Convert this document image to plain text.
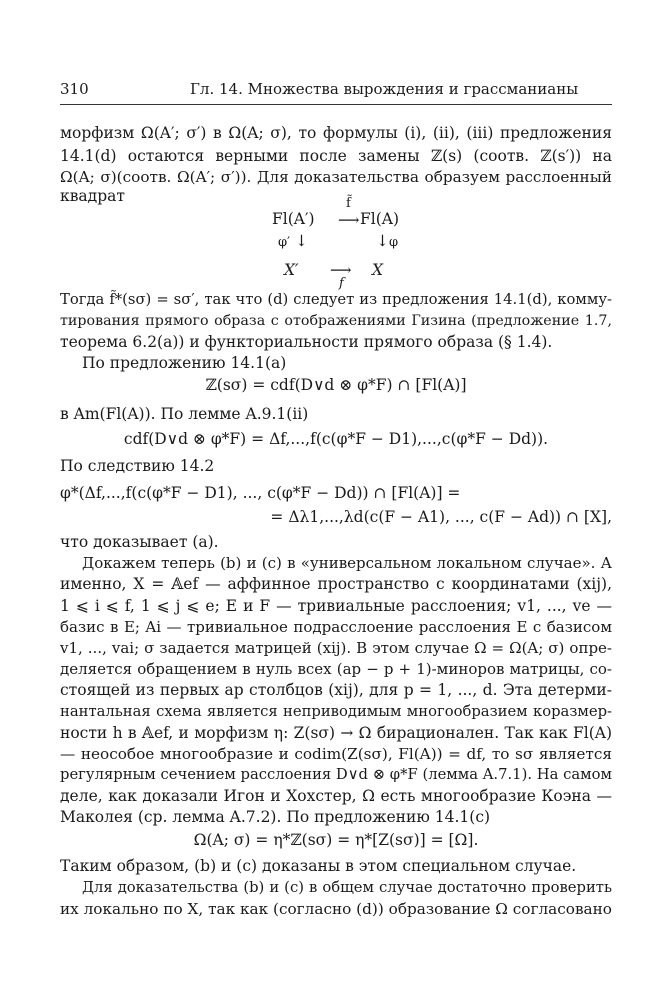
310	Гл. 14. Множества вырождения и грассманианы
морфизм Ω(A′; σ′) в Ω(A; σ), то формулы (i), (ii), (iii) предложения
14.1(d) остаются верными после замены ℤ(s) (соотв. ℤ(s′)) на
Ω(A; σ)(соотв. Ω(A′; σ′)). Для доказательства образуем расслоенный
квадрат
Fl(A′) ⟶
f̃
Fl(A)
φ′ ↓	↓ φ
X′ ⟶
f
X
Тогда f̃*(sσ) = sσ′, так что (d) следует из предложения 14.1(d), комму-
тирования прямого образа с отображениями Гизина (предложение 1.7,
теорема 6.2(a)) и функториальности прямого образа (§ 1.4).
По предложению 14.1(a)
ℤ(sσ) = cdf(D∨d ⊗ φ*F) ∩ [Fl(A)]
в Am(Fl(A)). По лемме A.9.1(ii)
cdf(D∨d ⊗ φ*F) = Δf,...,f(c(φ*F − D1),...,c(φ*F − Dd)).
По следствию 14.2
φ*(Δf,...,f(c(φ*F − D1), ..., c(φ*F − Dd)) ∩ [Fl(A)] =
= Δλ1,...,λd(c(F − A1), ..., c(F − Ad)) ∩ [X],
что доказывает (a).
Докажем теперь (b) и (c) в «универсальном локальном случае». А
именно, X = 𝔸ef — аффинное пространство с координатами (xij),
1 ⩽ i ⩽ f, 1 ⩽ j ⩽ e; E и F — тривиальные расслоения; v1, ..., ve —
базис в E; Ai — тривиальное подрасслоение расслоения E с базисом
v1, ..., vai; σ задается матрицей (xij). В этом случае Ω = Ω(A; σ) опре-
деляется обращением в нуль всех (ap − p + 1)-миноров матрицы, со-
стоящей из первых ap столбцов (xij), для p = 1, ..., d. Эта детерми-
нантальная схема является неприводимым многообразием коразмер-
ности h в 𝔸ef, и морфизм η: Z(sσ) → Ω бирационален. Так как Fl(A)
— неособое многообразие и codim(Z(sσ), Fl(A)) = df, то sσ является
регулярным сечением расслоения D∨d ⊗ φ*F (лемма A.7.1). На самом
деле, как доказали Игон и Хохстер, Ω есть многообразие Коэна —
Маколея (ср. лемма A.7.2). По предложению 14.1(c)
Ω(A; σ) = η*ℤ(sσ) = η*[Z(sσ)] = [Ω].
Таким образом, (b) и (c) доказаны в этом специальном случае.
Для доказательства (b) и (c) в общем случае достаточно проверить
их локально по X, так как (согласно (d)) образование Ω согласовано
